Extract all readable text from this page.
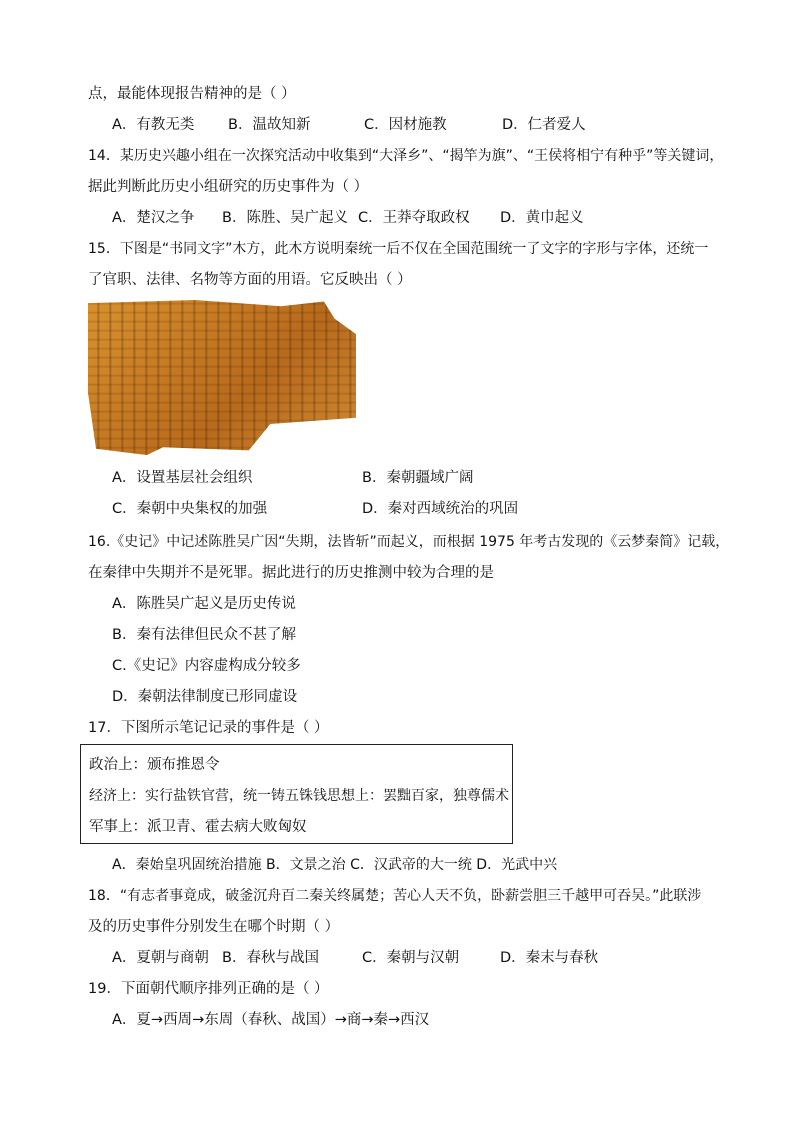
点，最能体现报告精神的是（ ）
A．有教无类 B．温故知新	C．因材施教	D．仁者爱人
14．某历史兴趣小组在一次探究活动中收集到“大泽乡”、“揭竿为旗”、“王侯将相宁有种乎”等关键词，
据此判断此历史小组研究的历史事件为（ ）
A．楚汉之争 B．陈胜、吴广起义 C．王莽夺取政权 D．黄巾起义
15．下图是“书同文字”木方，此木方说明秦统一后不仅在全国范围统一了文字的字形与字体，还统一
了官职、法律、名物等方面的用语。它反映出（ ）
A．设置基层社会组织	B．秦朝疆域广阔
C．秦朝中央集权的加强	D．秦对西域统治的巩固
16.《史记》中记述陈胜吴广因“失期，法皆斩”而起义，而根据 1975 年考古发现的《云梦秦简》记载，
在秦律中失期并不是死罪。据此进行的历史推测中较为合理的是
A．陈胜吴广起义是历史传说
B．秦有法律但民众不甚了解
C.《史记》内容虚构成分较多
D．秦朝法律制度已形同虚设
17．下图所示笔记记录的事件是（ ）
政治上：颁布推恩令
经济上：实行盐铁官营，统一铸五铢钱思想上：罢黜百家，独尊儒术
军事上：派卫青、霍去病大败匈奴
A．秦始皇巩固统治措施 B．文景之治 C．汉武帝的大一统 D．光武中兴
18．“有志者事竟成，破釜沉舟百二秦关终属楚；苦心人天不负，卧薪尝胆三千越甲可吞吴。”此联涉
及的历史事件分别发生在哪个时期（ ）
A．夏朝与商朝 B．春秋与战国	C．秦朝与汉朝	D．秦末与春秋
19．下面朝代顺序排列正确的是（ ）
A．夏→西周→东周（春秋、战国）→商→秦→西汉
